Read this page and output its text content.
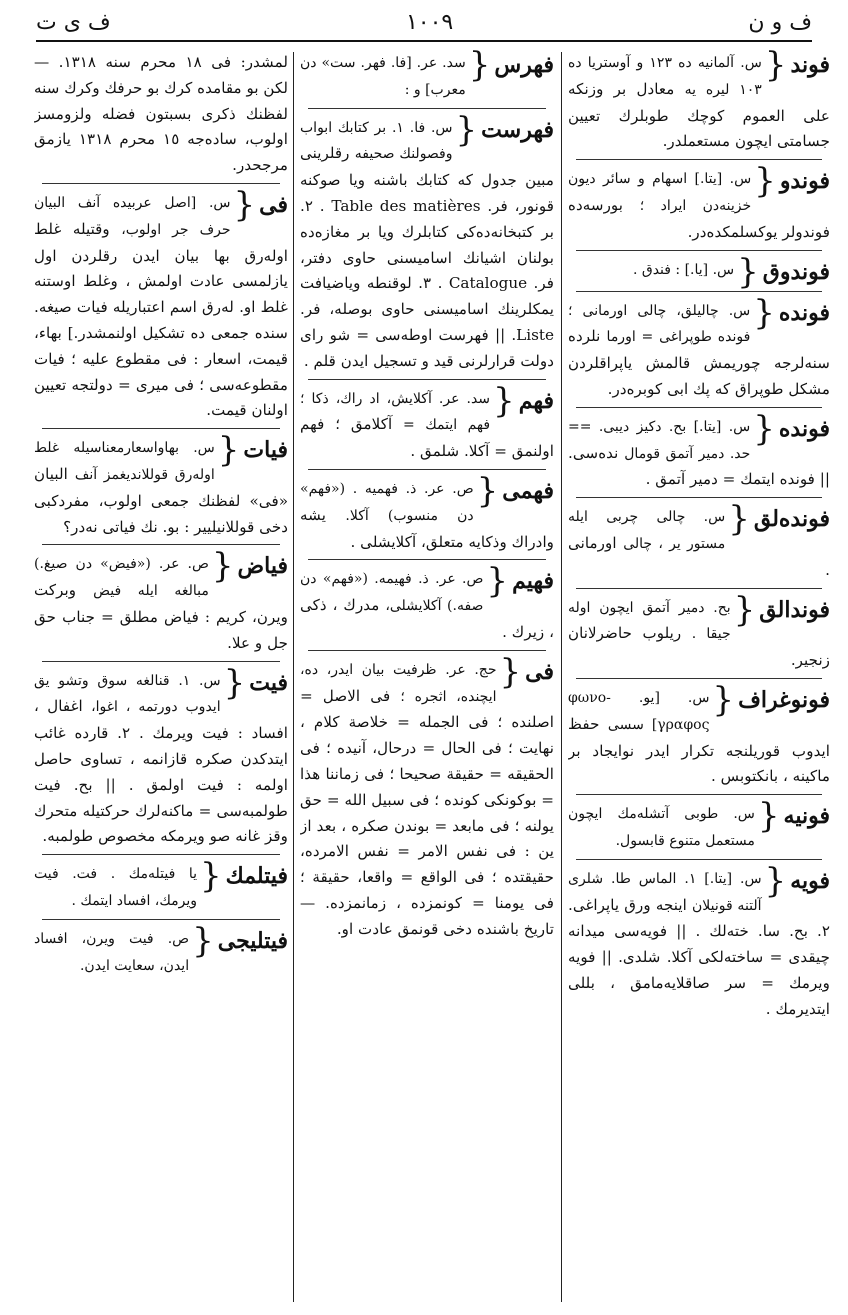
ف و ن
١٠٠٩
ف ى ت
فوند
{
س. آلمانيه ده ١٢٣ و آوستريا ده ١٠٣ ليره يه معادل بر وزنكه على العموم كوچك طوبلرك تعيين جسامتى ايچون مستعملدر.
فوندو
{
س. [يتا.] اسهام و سائر ديون خزينه‌دن ايراد ؛ بورسه‌ده فوندولر يوكسلمكده‌در.
فوندوق
{
س. [يا.] : فندق .
فونده
{
س. چاليلق، چالى اورمانى ؛ فونده طوپراغى = اورما نلرده سنه‌لرجه چوريمش قالمش ياپراقلردن مشكل طوپراق كه پك ابى كوبره‌در.
فونده
{
س. [يتا.] بح. دكيز ديبى. == حد. دمير آتمق قومال نده‌سى. || فونده ايتمك = دمير آتمق .
فونده‌لق
{
س. چالى چربى ايله مستور ير ، چالى اورمانى .
فوندالق
{
بح. دمير آتمق ايچون اوله جيقا . ريلوب حاضرلانان زنجير.
فونوغراف
{
س. [يو. φωνο- γραφος] سسى حفظ ايدوب قوريلنجه تكرار ايدر نوايجاد بر ماكينه ، بانكتوبس .
فونيه
{
س. طوبى آتشله‌مك ايچون مستعمل متنوع قابسول.
فويه
{
س. [يتا.] ١. الماس طا. شلرى آلتنه قونيلان اينجه ورق ياپراغى. ٢. بح. سا. خته‌لك . || فويه‌سى ميدانه چيقدى = ساخته‌لكى آكلا. شلدى. || فويه ويرمك = سر صاقلايه‌مامق ، بللى ايتديرمك .
فهرس
{
سد. عر. [فا. فهر. ست» دن معرب] و :
فهرست
{
س. فا. ١. بر كتابك ابواب وفصولنك صحيفه رقلرينى مبين جدول كه كتابك باشنه ويا صوكنه قونور، فر. Table des matières . ٢. بر كتبخانه‌ده‌كى كتابلرك ويا بر مغازه‌ده بولنان اشيانك اساميسنى حاوى دفتر، فر. Catalogue . ٣. لوقنطه وياضيافت يمكلرينك اساميسنى حاوى بوصله، فر. Liste. || فهرست اوطه‌سى = شو راى دولت قرارلرنى قيد و تسجيل ايدن قلم .
فهم
{
سد. عر. آكلايش، اد راك، ذكا ؛ فهم ايتمك = آكلامق ؛ فهم اولنمق = آكلا. شلمق .
فهمى
{
ص. عر. ذ. فهميه . («فهم» دن منسوب) آكلا. يشه وادراك وذكايه متعلق، آكلايشلى .
فهيم
{
ص. عر. ذ. فهيمه. («فهم» دن صفه.) آكلايشلى، مدرك ، ذكى ، زيرك .
فى
{
حج. عر. ظرفيت بيان ايدر، ده، ايچنده، اثجره ؛ فى الاصل = اصلنده ؛ فى الجمله = خلاصة كلام ، نهايت ؛ فى الحال = درحال، آنيده ؛ فى الحقيقه = حقيقة صحيحا ؛ فى زماننا هذا = بوكونكى كونده ؛ فى سبيل الله = حق يولنه ؛ فى مابعد = بوندن صكره ، بعد از ين : فى نفس الامر = نفس الامرده، حقيقتده ؛ فى الواقع = واقعا، حقيقة ؛ فى يومنا = كونمزده ، زمانمزده. — تاريخ باشنده دخى قونمق عادت او.
لمشدر: فى ١٨ محرم سنه ١٣١٨. — لكن بو مقامده كرك بو حرفك وكرك سنه لفظنك ذكرى بسبتون فضله ولزومسز اولوب، ساده‌جه ١٥ محرم ١٣١٨ يازمق مرجحدر.
فى
{
س. [اصل عربيده آنف البيان حرف جر اولوب، وقتيله غلط اوله‌رق بها بيان ايدن رقلردن اول يازلمسى عادت اولمش ، وغلط اوستنه غلط او. له‌رق اسم اعتباريله فيات صيغه. سنده جمعى ده تشكيل اولنمشدر.] بهاء، قيمت، اسعار : فى مقطوع عليه ؛ فيات مقطوعه‌سى ؛ فى ميرى = دولتجه تعيين اولنان قيمت.
فيات
{
س. بهاواسعارمعناسيله غلط اوله‌رق قوللانديغمز آنف البيان «فى» لفظنك جمعى اولوب، مفردكبى دخى قوللانيليير : بو. نك فياتى نه‌در؟
فياض
{
ص. عر. («فيض» دن صيغ.) مبالغه ايله فيض وبركت ويرن، كريم : فياض مطلق = جناب حق جل و علا.
فيت
{
س. ١. قنالغه سوق وتشو يق ايدوب دورتمه ، اغوا، اغفال ، افساد : فيت ويرمك . ٢. قارده غائب ايتدكدن صكره قازانمه ، تساوى حاصل اولمه : فيت اولمق . || بح. فيت طولمبه‌سى = ماكنه‌لرك حركتيله متحرك وقز غانه صو ويرمكه مخصوص طولمبه.
فيتلمك
{
يا فيتله‌مك . فت. فيت ويرمك، افساد ايتمك .
فيتليجى
{
ص. فيت ويرن، افساد ايدن، سعايت ايدن.
